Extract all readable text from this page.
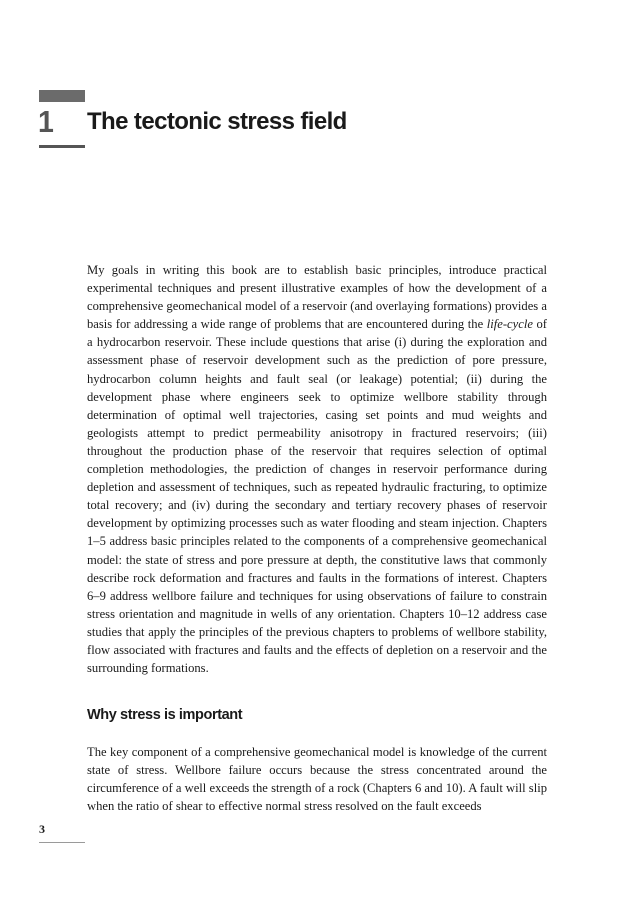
1 The tectonic stress field

My goals in writing this book are to establish basic principles, introduce practical experimental techniques and present illustrative examples of how the development of a comprehensive geomechanical model of a reservoir (and overlaying formations) provides a basis for addressing a wide range of problems that are encountered during the life-cycle of a hydrocarbon reservoir. These include questions that arise (i) during the exploration and assessment phase of reservoir development such as the prediction of pore pressure, hydrocarbon column heights and fault seal (or leakage) potential; (ii) during the development phase where engineers seek to optimize wellbore stability through determination of optimal well trajectories, casing set points and mud weights and geologists attempt to predict permeability anisotropy in fractured reservoirs; (iii) throughout the production phase of the reservoir that requires selection of optimal completion methodologies, the prediction of changes in reservoir performance during depletion and assessment of techniques, such as repeated hydraulic fracturing, to optimize total recovery; and (iv) during the secondary and tertiary recovery phases of reservoir development by optimizing processes such as water flooding and steam injection. Chapters 1–5 address basic principles related to the components of a comprehensive geomechanical model: the state of stress and pore pressure at depth, the constitutive laws that commonly describe rock deformation and fractures and faults in the formations of interest. Chapters 6–9 address wellbore failure and techniques for using observations of failure to constrain stress orientation and magnitude in wells of any orientation. Chapters 10–12 address case studies that apply the principles of the previous chapters to problems of wellbore stability, flow associated with fractures and faults and the effects of depletion on a reservoir and the surrounding formations.

Why stress is important

The key component of a comprehensive geomechanical model is knowledge of the current state of stress. Wellbore failure occurs because the stress concentrated around the circumference of a well exceeds the strength of a rock (Chapters 6 and 10). A fault will slip when the ratio of shear to effective normal stress resolved on the fault exceeds

3
